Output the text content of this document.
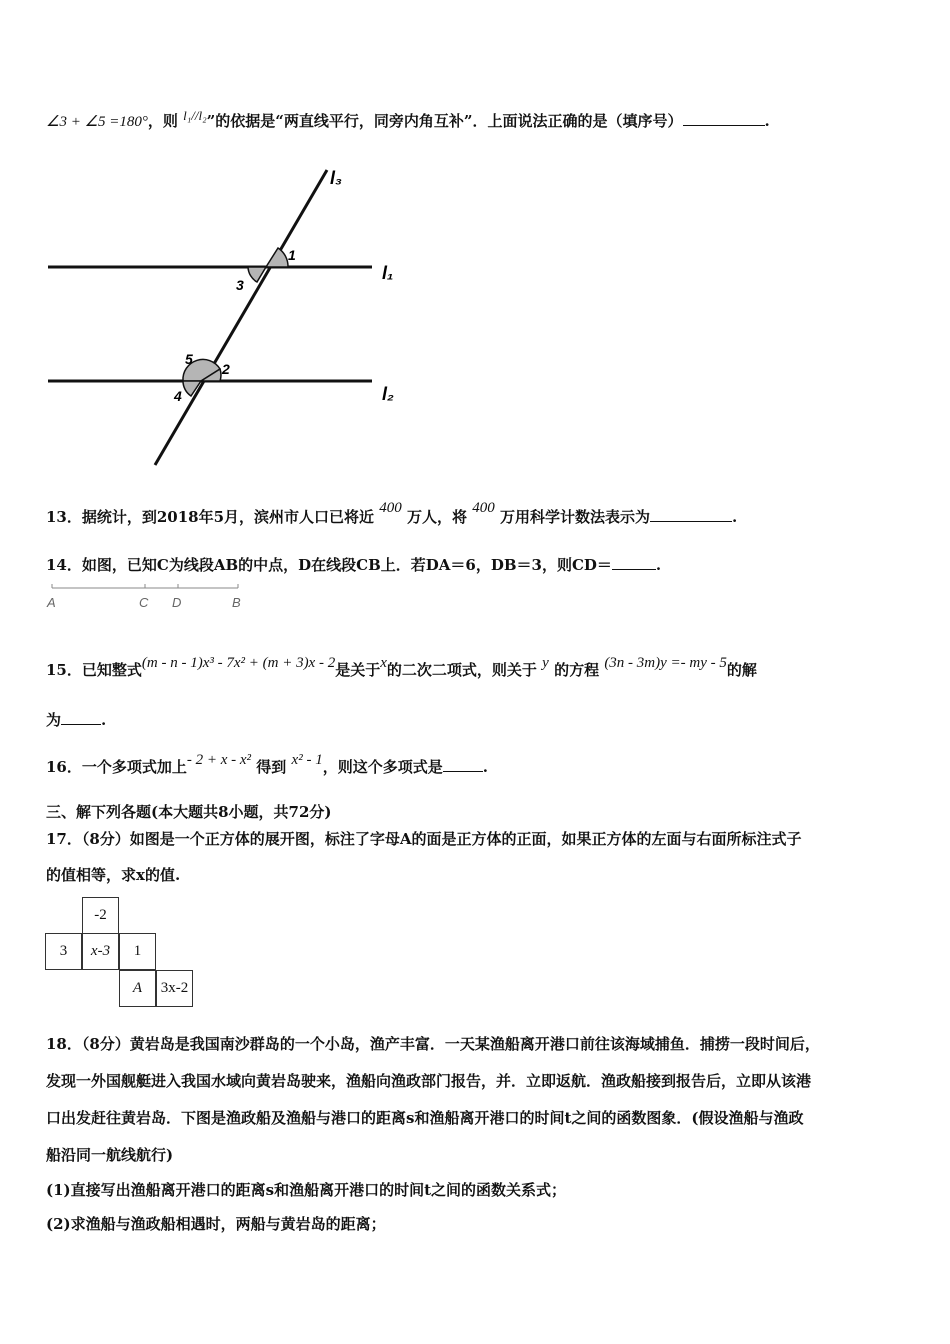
∠3 + ∠5 =180°，则 l₁//l₂”的依据是“两直线平行，同旁内角互补”．上面说法正确的是（填序号）	.
1
2
3
4
5
l₁
l₂
l₃
13．据统计，到2018年5月，滨州市人口已将近 400 万人，将 400 万用科学计数法表示为	.
14．如图，已知C为线段AB的中点，D在线段CB上．若DA＝6，DB＝3，则CD＝	.
A	C D	B
15．已知整式(m - n - 1)x³ - 7x² + (m + 3)x - 2是关于x的二次二项式，则关于 y 的方程 (3n - 3m)y =- my - 5的解
为	.
16．一个多项式加上- 2 + x - x² 得到 x² - 1，则这个多项式是	.
三、解下列各题(本大题共8小题，共72分)
17．（8分）如图是一个正方体的展开图，标注了字母A的面是正方体的正面，如果正方体的左面与右面所标注式子
的值相等，求x的值.
-2
3	x-3	1
A	3x-2
18．（8分）黄岩岛是我国南沙群岛的一个小岛，渔产丰富．一天某渔船离开港口前往该海域捕鱼．捕捞一段时间后，
发现一外国舰艇进入我国水域向黄岩岛驶来，渔船向渔政部门报告，并．立即返航．渔政船接到报告后，立即从该港
口出发赶往黄岩岛．下图是渔政船及渔船与港口的距离s和渔船离开港口的时间t之间的函数图象．(假设渔船与渔政
船沿同一航线航行)
(1)直接写出渔船离开港口的距离s和渔船离开港口的时间t之间的函数关系式；
(2)求渔船与渔政船相遇时，两船与黄岩岛的距离；
